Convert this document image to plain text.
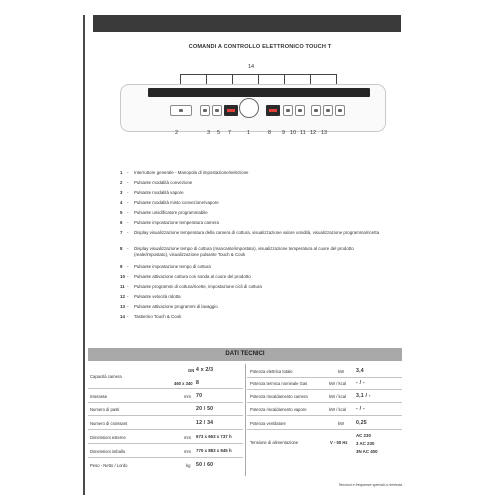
COMANDI A CONTROLLO ELETTRONICO TOUCH T
14
2	3 5 7	1	8 9 10 11 12 13
1	-	Interruttore generale - Manopola di impostazione/selezione
2	-	Pulsante modalità convezione
3	-	Pulsante modalità vapore
4	-	Pulsante modalità misto convezione/vapore
5	-	Pulsante umidificatore programmabile
6	-	Pulsante impostazione temperatura camera
7	-	Display visualizzazione temperatura della camera di cottura, visualizzazione valore umidità, visualizzazione programma/ricetta
8	-	Display visualizzazione tempo di cottura (mancante/impostato), visualizzazione temperatura al cuore del prodotto (reale/impostato), visualizzazione pulsante Touch & Cook
9	-	Pulsante impostazione tempo di cottura
10 -	Pulsante attivazione cottura con sonda al cuore del prodotto
11 -	Pulsante programmi di cottura/ricette, impostazione cicli di cottura
12 -	Pulsante velocità ridotta
13 -	Pulsante attivazione programmi di lavaggio
14 -	Tastierino Touch & Cook
DATI TECNICI
Capacità camera
GN 4 x 2/3
460 x 340 8
Interasse	mm 70
Numero di pasti	20 / 50
Numero di croissant	12 / 34
Dimensioni esterne	mm 673 x 663 x 737 h
Dimensioni imballo	mm 770 x 883 x 845 h
Peso - Netto / Lordo	kg 50 / 60
Potenza elettrica totale	kW 3,4
Potenza termica nominale Gas	kW / kcal - / -
Potenza riscaldamento camera	kW / kcal 3,1 / -
Potenza riscaldamento vapore	kW / kcal - / -
Potenza ventilatore	kW 0,25
Tensione di alimentazione	V - 50 Hz
AC 230
3 AC 230
3N AC 400
Tensioni e frequenze speciali a richiesta
